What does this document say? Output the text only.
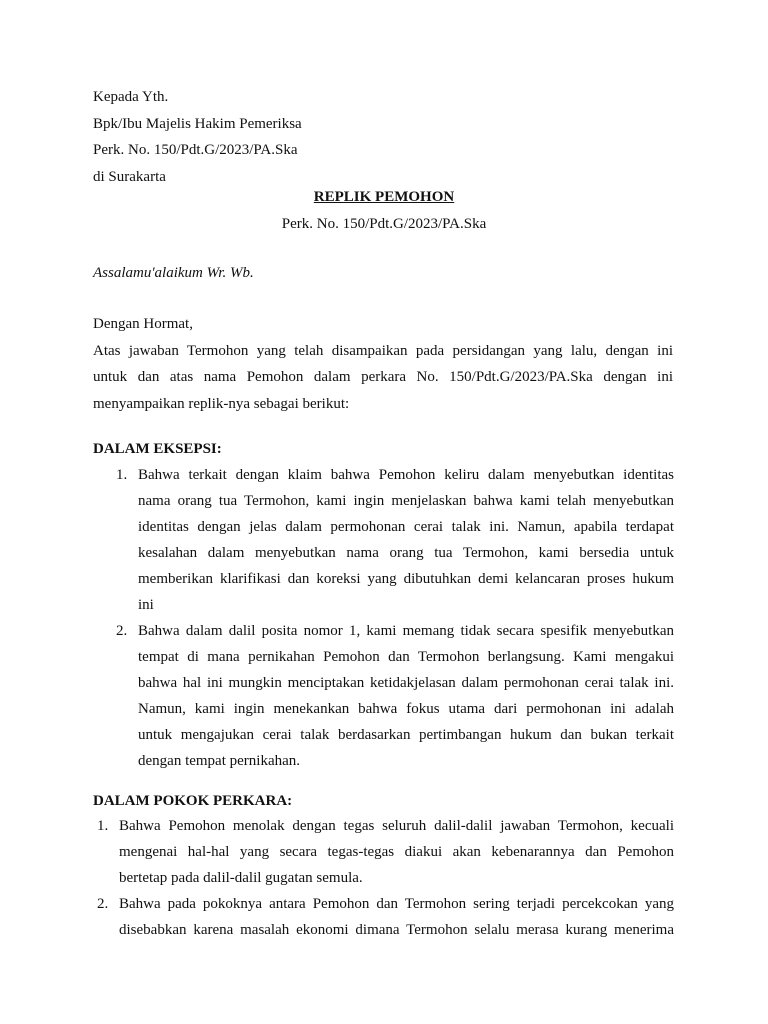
Kepada Yth.
Bpk/Ibu Majelis Hakim Pemeriksa
Perk. No. 150/Pdt.G/2023/PA.Ska
di Surakarta
REPLIK PEMOHON
Perk. No. 150/Pdt.G/2023/PA.Ska
Assalamu'alaikum Wr. Wb.
Dengan Hormat,
Atas jawaban Termohon yang telah disampaikan pada persidangan yang lalu, dengan ini
untuk dan atas nama Pemohon dalam perkara No. 150/Pdt.G/2023/PA.Ska dengan ini
menyampaikan replik-nya sebagai berikut:
DALAM EKSEPSI:
1. Bahwa terkait dengan klaim bahwa Pemohon keliru dalam menyebutkan identitas
nama orang tua Termohon, kami ingin menjelaskan bahwa kami telah menyebutkan
identitas dengan jelas dalam permohonan cerai talak ini. Namun, apabila terdapat
kesalahan dalam menyebutkan nama orang tua Termohon, kami bersedia untuk
memberikan klarifikasi dan koreksi yang dibutuhkan demi kelancaran proses hukum
ini
2. Bahwa dalam dalil posita nomor 1, kami memang tidak secara spesifik menyebutkan
tempat di mana pernikahan Pemohon dan Termohon berlangsung. Kami mengakui
bahwa hal ini mungkin menciptakan ketidakjelasan dalam permohonan cerai talak ini.
Namun, kami ingin menekankan bahwa fokus utama dari permohonan ini adalah
untuk mengajukan cerai talak berdasarkan pertimbangan hukum dan bukan terkait
dengan tempat pernikahan.
DALAM POKOK PERKARA:
1. Bahwa Pemohon menolak dengan tegas seluruh dalil-dalil jawaban Termohon, kecuali
mengenai hal-hal yang secara tegas-tegas diakui akan kebenarannya dan Pemohon
bertetap pada dalil-dalil gugatan semula.
2. Bahwa pada pokoknya antara Pemohon dan Termohon sering terjadi percekcokan yang
disebabkan karena masalah ekonomi dimana Termohon selalu merasa kurang menerima
